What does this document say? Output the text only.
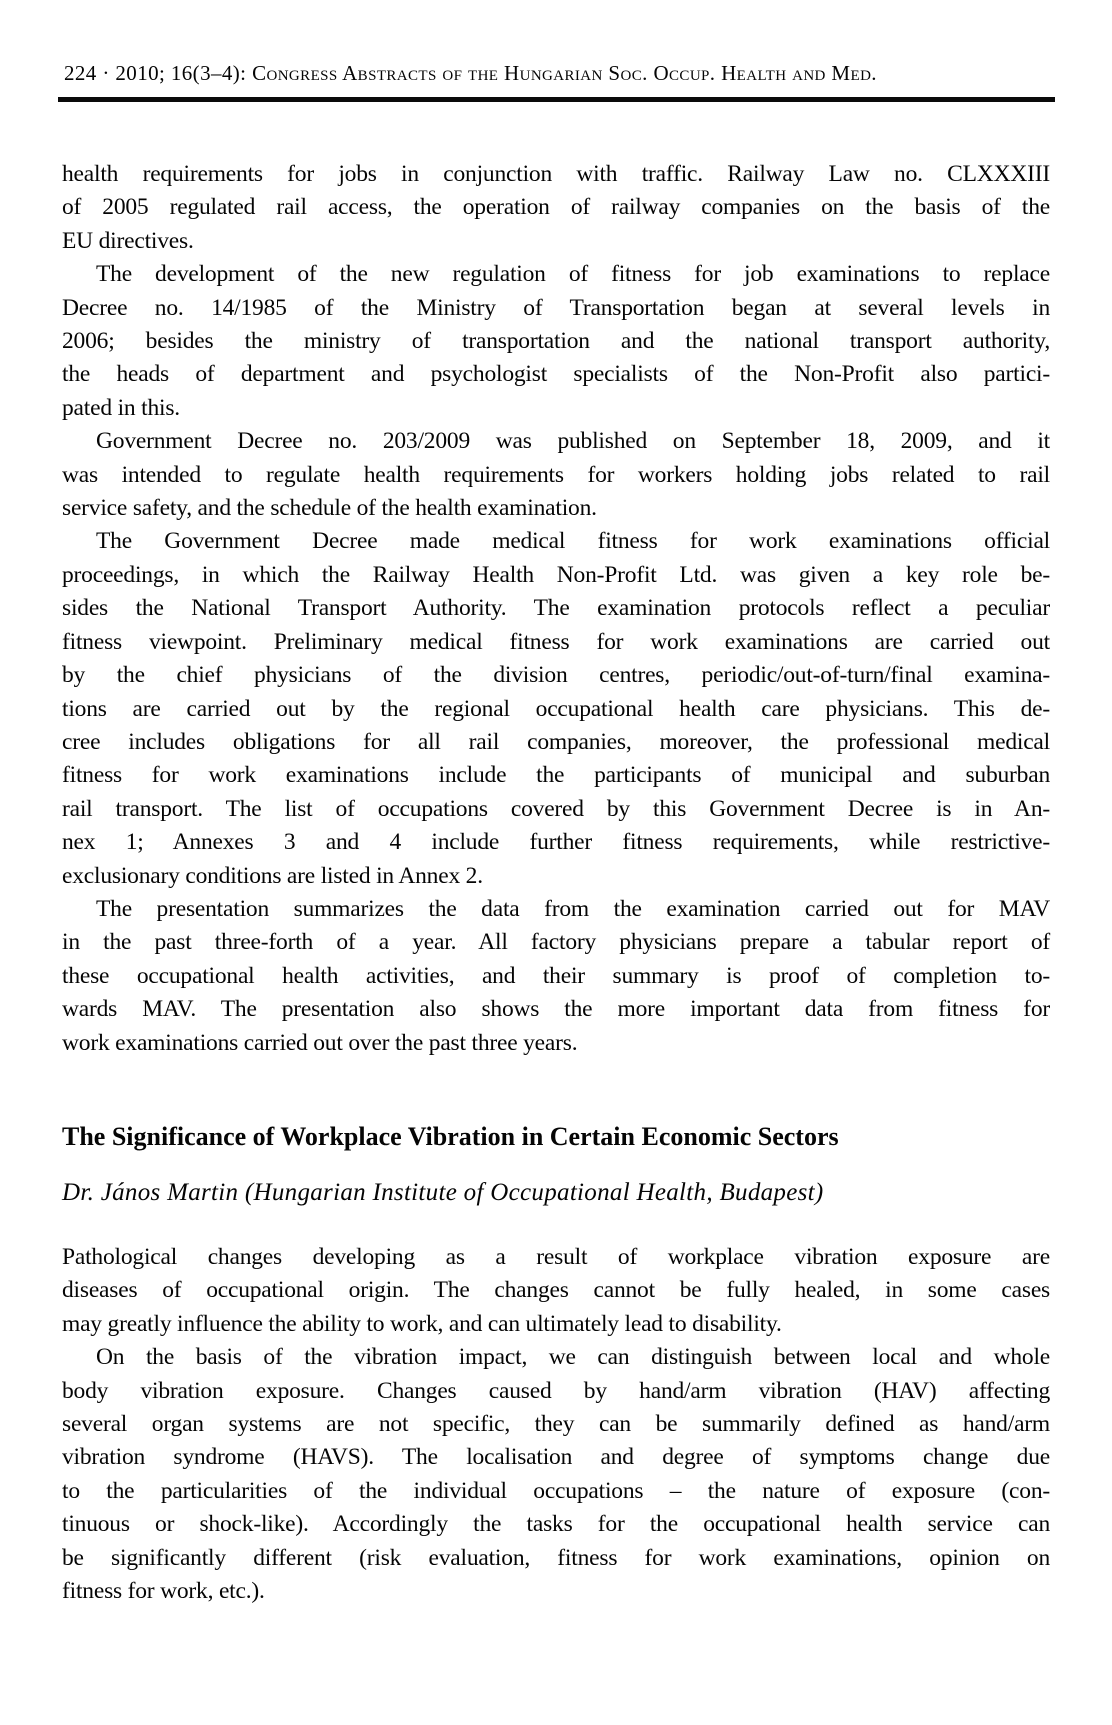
224 · 2010; 16(3–4): Congress Abstracts of the Hungarian Soc. Occup. Health and Med.
health requirements for jobs in conjunction with traffic. Railway Law no. CLXXXIII
of 2005 regulated rail access, the operation of railway companies on the basis of the
EU directives.
The development of the new regulation of fitness for job examinations to replace
Decree no. 14/1985 of the Ministry of Transportation began at several levels in
2006; besides the ministry of transportation and the national transport authority,
the heads of department and psychologist specialists of the Non-Profit also partici-
pated in this.
Government Decree no. 203/2009 was published on September 18, 2009, and it
was intended to regulate health requirements for workers holding jobs related to rail
service safety, and the schedule of the health examination.
The Government Decree made medical fitness for work examinations official
proceedings, in which the Railway Health Non-Profit Ltd. was given a key role be-
sides the National Transport Authority. The examination protocols reflect a peculiar
fitness viewpoint. Preliminary medical fitness for work examinations are carried out
by the chief physicians of the division centres, periodic/out-of-turn/final examina-
tions are carried out by the regional occupational health care physicians. This de-
cree includes obligations for all rail companies, moreover, the professional medical
fitness for work examinations include the participants of municipal and suburban
rail transport. The list of occupations covered by this Government Decree is in An-
nex 1; Annexes 3 and 4 include further fitness requirements, while restrictive-
exclusionary conditions are listed in Annex 2.
The presentation summarizes the data from the examination carried out for MAV
in the past three-forth of a year. All factory physicians prepare a tabular report of
these occupational health activities, and their summary is proof of completion to-
wards MAV. The presentation also shows the more important data from fitness for
work examinations carried out over the past three years.
The Significance of Workplace Vibration in Certain Economic Sectors
Dr. János Martin (Hungarian Institute of Occupational Health, Budapest)
Pathological changes developing as a result of workplace vibration exposure are
diseases of occupational origin. The changes cannot be fully healed, in some cases
may greatly influence the ability to work, and can ultimately lead to disability.
On the basis of the vibration impact, we can distinguish between local and whole
body vibration exposure. Changes caused by hand/arm vibration (HAV) affecting
several organ systems are not specific, they can be summarily defined as hand/arm
vibration syndrome (HAVS). The localisation and degree of symptoms change due
to the particularities of the individual occupations – the nature of exposure (con-
tinuous or shock-like). Accordingly the tasks for the occupational health service can
be significantly different (risk evaluation, fitness for work examinations, opinion on
fitness for work, etc.).
